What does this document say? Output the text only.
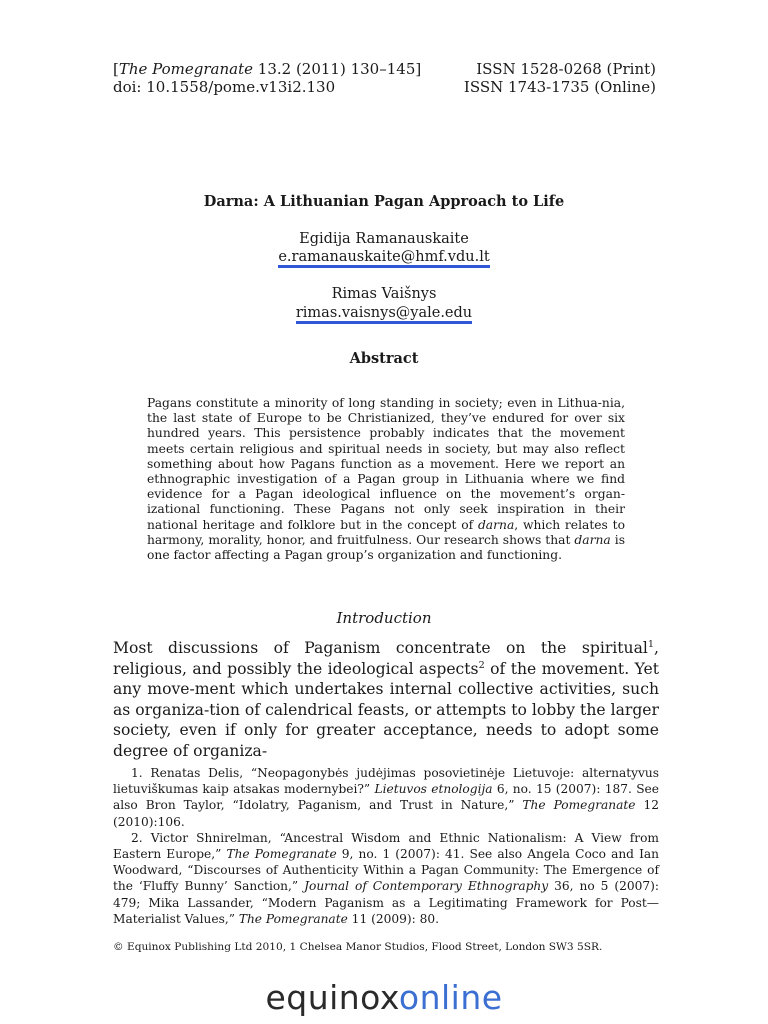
[The Pomegranate 13.2 (2011) 130–145]
doi: 10.1558/pome.v13i2.130
ISSN 1528-0268 (Print)
ISSN 1743-1735 (Online)
Darna: A Lithuanian Pagan Approach to Life
Egidija Ramanauskaite
e.ramanauskaite@hmf.vdu.lt
Rimas Vaišnys
rimas.vaisnys@yale.edu
Abstract
Pagans constitute a minority of long standing in society; even in Lithua-nia, the last state of Europe to be Christianized, they’ve endured for over six hundred years. This persistence probably indicates that the movement meets certain religious and spiritual needs in society, but may also reflect something about how Pagans function as a movement. Here we report an ethnographic investigation of a Pagan group in Lithuania where we find evidence for a Pagan ideological influence on the movement’s organ-izational functioning. These Pagans not only seek inspiration in their national heritage and folklore but in the concept of darna, which relates to harmony, morality, honor, and fruitfulness. Our research shows that darna is one factor affecting a Pagan group’s organization and functioning.
Introduction
Most discussions of Paganism concentrate on the spiritual$^1$, religious, and possibly the ideological aspects$^2$ of the movement. Yet any move-ment which undertakes internal collective activities, such as organiza-tion of calendrical feasts, or attempts to lobby the larger society, even if only for greater acceptance, needs to adopt some degree of organiza-

1. Renatas Delis, “Neopagonybės judėjimas posovietinėje Lietuvoje: alternatyvus lietuviškumas kaip atsakas modernybei?” Lietuvos etnologija 6, no. 15 (2007): 187. See also Bron Taylor, “Idolatry, Paganism, and Trust in Nature,” The Pomegranate 12 (2010):106.

2. Victor Shnirelman, “Ancestral Wisdom and Ethnic Nationalism: A View from Eastern Europe,” The Pomegranate 9, no. 1 (2007): 41. See also Angela Coco and Ian Woodward, “Discourses of Authenticity Within a Pagan Community: The Emergence of the ‘Fluffy Bunny’ Sanction,” Journal of Contemporary Ethnography 36, no 5 (2007): 479; Mika Lassander, “Modern Paganism as a Legitimating Framework for Post—Materialist Values,” The Pomegranate 11 (2009): 80.

© Equinox Publishing Ltd 2010, 1 Chelsea Manor Studios, Flood Street, London SW3 5SR.
equinoxonline
